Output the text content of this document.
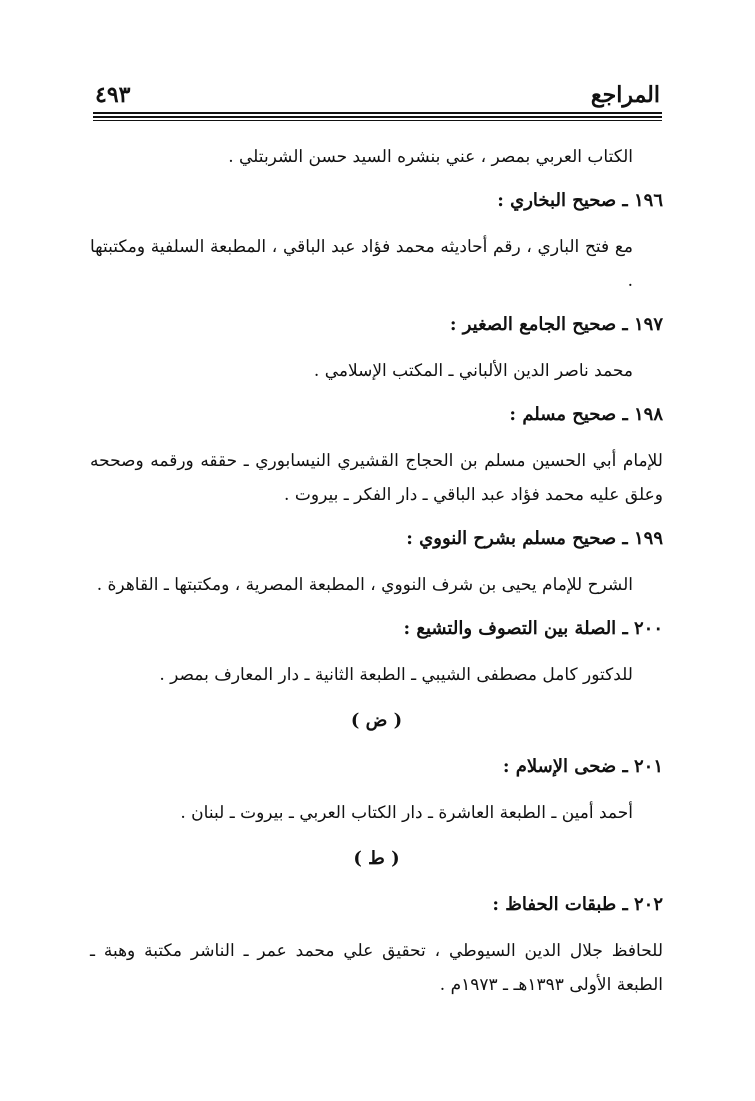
المراجع
٤٩٣

الكتاب العربي بمصر ، عني بنشره السيد حسن الشربتلي .

١٩٦ ـ صحيح البخاري :

مع فتح الباري ، رقم أحاديثه محمد فؤاد عبد الباقي ، المطبعة السلفية ومكتبتها .

١٩٧ ـ صحيح الجامع الصغير :

محمد ناصر الدين الألباني ـ المكتب الإسلامي .

١٩٨ ـ صحيح مسلم :

للإمام أبي الحسين مسلم بن الحجاج القشيري النيسابوري ـ حققه ورقمه وصححه وعلق عليه محمد فؤاد عبد الباقي ـ دار الفكر ـ بيروت .

١٩٩ ـ صحيح مسلم بشرح النووي :

الشرح للإمام يحيى بن شرف النووي ، المطبعة المصرية ، ومكتبتها ـ القاهرة .

٢٠٠ ـ الصلة بين التصوف والتشيع :

للدكتور كامل مصطفى الشيبي ـ الطبعة الثانية ـ دار المعارف بمصر .

( ض )

٢٠١ ـ ضحى الإسلام :

أحمد أمين ـ الطبعة العاشرة ـ دار الكتاب العربي ـ بيروت ـ لبنان .

( ط )

٢٠٢ ـ طبقات الحفاظ :

للحافظ جلال الدين السيوطي ، تحقيق علي محمد عمر ـ الناشر مكتبة وهبة ـ الطبعة الأولى ١٣٩٣هـ ـ ١٩٧٣م .
